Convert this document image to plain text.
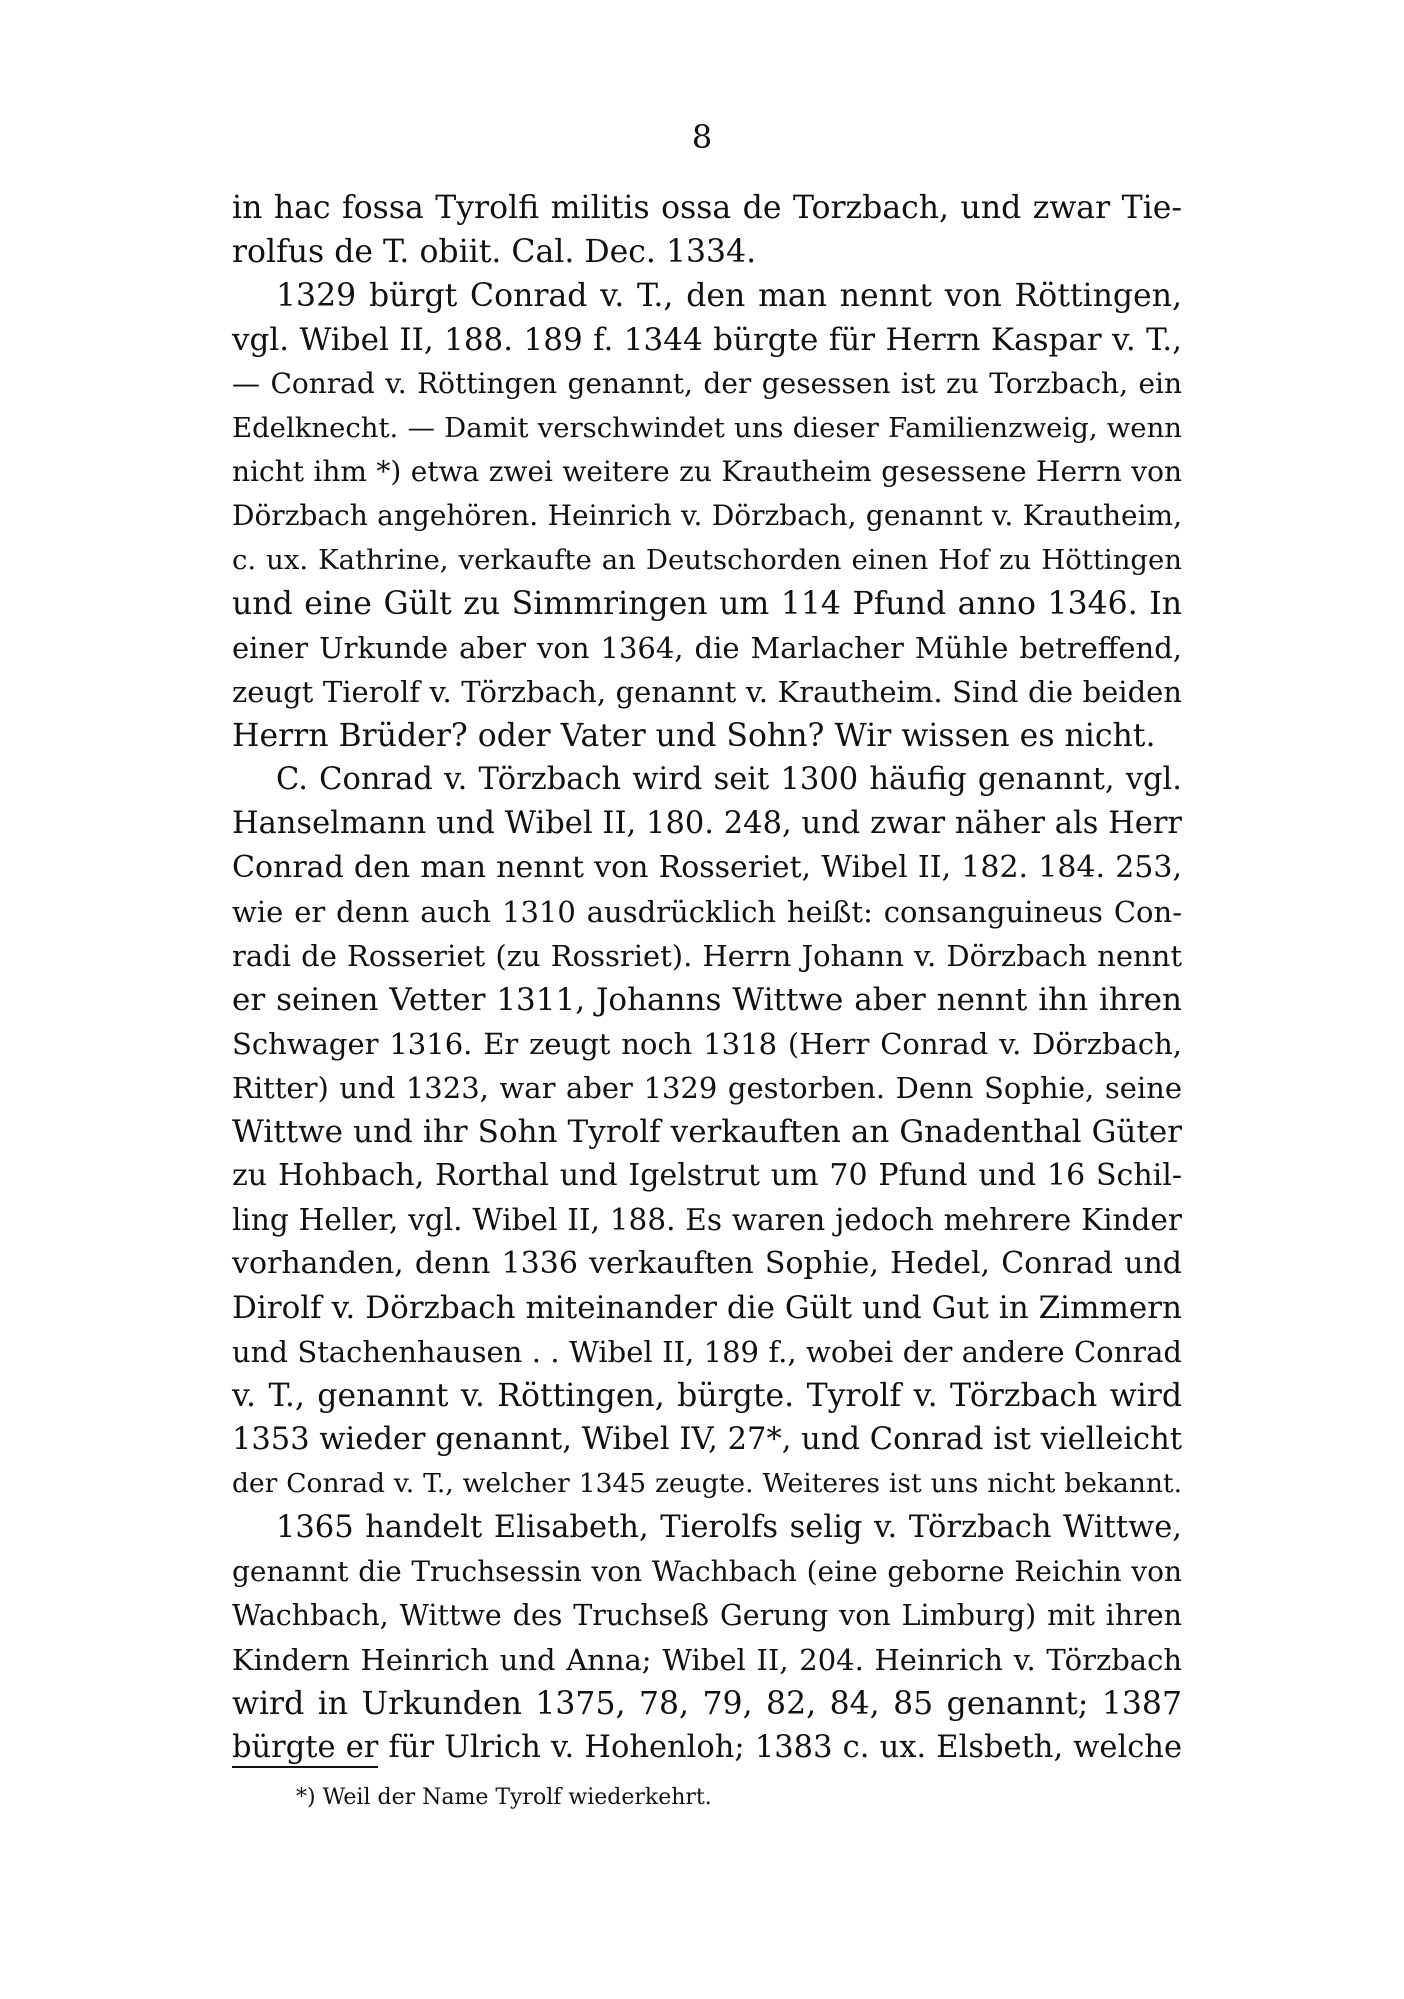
8
in hac fossa Tyrolfi militis ossa de Torzbach, und zwar Tie-
rolfus de T. obiit. Cal. Dec. 1334.
1329 bürgt Conrad v. T., den man nennt von Röttingen,
vgl. Wibel II, 188. 189 f. 1344 bürgte für Herrn Kaspar v. T.,
— Conrad v. Röttingen genannt, der gesessen ist zu Torzbach, ein
Edelknecht. — Damit verschwindet uns dieser Familienzweig, wenn
nicht ihm *) etwa zwei weitere zu Krautheim gesessene Herrn von
Dörzbach angehören. Heinrich v. Dörzbach, genannt v. Krautheim,
c. ux. Kathrine, verkaufte an Deutschorden einen Hof zu Höttingen
und eine Gült zu Simmringen um 114 Pfund anno 1346. In
einer Urkunde aber von 1364, die Marlacher Mühle betreffend,
zeugt Tierolf v. Törzbach, genannt v. Krautheim. Sind die beiden
Herrn Brüder? oder Vater und Sohn? Wir wissen es nicht.
C. Conrad v. Törzbach wird seit 1300 häufig genannt, vgl.
Hanselmann und Wibel II, 180. 248, und zwar näher als Herr
Conrad den man nennt von Rosseriet, Wibel II, 182. 184. 253,
wie er denn auch 1310 ausdrücklich heißt: consanguineus Con-
radi de Rosseriet (zu Rossriet). Herrn Johann v. Dörzbach nennt
er seinen Vetter 1311, Johanns Wittwe aber nennt ihn ihren
Schwager 1316. Er zeugt noch 1318 (Herr Conrad v. Dörzbach,
Ritter) und 1323, war aber 1329 gestorben. Denn Sophie, seine
Wittwe und ihr Sohn Tyrolf verkauften an Gnadenthal Güter
zu Hohbach, Rorthal und Igelstrut um 70 Pfund und 16 Schil-
ling Heller, vgl. Wibel II, 188. Es waren jedoch mehrere Kinder
vorhanden, denn 1336 verkauften Sophie, Hedel, Conrad und
Dirolf v. Dörzbach miteinander die Gült und Gut in Zimmern
und Stachenhausen . . Wibel II, 189 f., wobei der andere Conrad
v. T., genannt v. Röttingen, bürgte. Tyrolf v. Törzbach wird
1353 wieder genannt, Wibel IV, 27*, und Conrad ist vielleicht
der Conrad v. T., welcher 1345 zeugte. Weiteres ist uns nicht bekannt.
1365 handelt Elisabeth, Tierolfs selig v. Törzbach Wittwe,
genannt die Truchsessin von Wachbach (eine geborne Reichin von
Wachbach, Wittwe des Truchseß Gerung von Limburg) mit ihren
Kindern Heinrich und Anna; Wibel II, 204. Heinrich v. Törzbach
wird in Urkunden 1375, 78, 79, 82, 84, 85 genannt; 1387
bürgte er für Ulrich v. Hohenloh; 1383 c. ux. Elsbeth, welche
*) Weil der Name Tyrolf wiederkehrt.
